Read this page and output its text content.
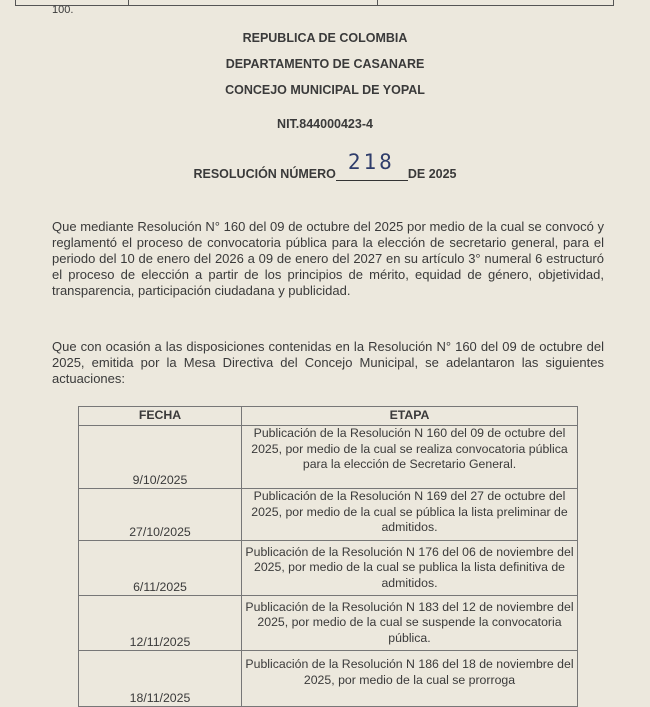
100.
REPUBLICA DE COLOMBIA
DEPARTAMENTO DE CASANARE
CONCEJO MUNICIPAL DE YOPAL
NIT.844000423-4
RESOLUCIÓN NÚMERO 218 DE 2025
Que mediante Resolución N° 160 del 09 de octubre del 2025 por medio de la cual se convocó y reglamentó el proceso de convocatoria pública para la elección de secretario general, para el periodo del 10 de enero del 2026 a 09 de enero del 2027 en su artículo 3° numeral 6 estructuró el proceso de elección a partir de los principios de mérito, equidad de género, objetividad, transparencia, participación ciudadana y publicidad.
Que con ocasión a las disposiciones contenidas en la Resolución N° 160 del 09 de octubre del 2025, emitida por la Mesa Directiva del Concejo Municipal, se adelantaron las siguientes actuaciones:
FECHA	ETAPA
9/10/2025	Publicación de la Resolución N 160 del 09 de octubre del 2025, por medio de la cual se realiza convocatoria pública para la elección de Secretario General.
27/10/2025	Publicación de la Resolución N 169 del 27 de octubre del 2025, por medio de la cual se pública la lista preliminar de admitidos.
6/11/2025	Publicación de la Resolución N 176 del 06 de noviembre del 2025, por medio de la cual se publica la lista definitiva de admitidos.
12/11/2025	Publicación de la Resolución N 183 del 12 de noviembre del 2025, por medio de la cual se suspende la convocatoria pública.
18/11/2025	Publicación de la Resolución N 186 del 18 de noviembre del 2025, por medio de la cual se prorroga
